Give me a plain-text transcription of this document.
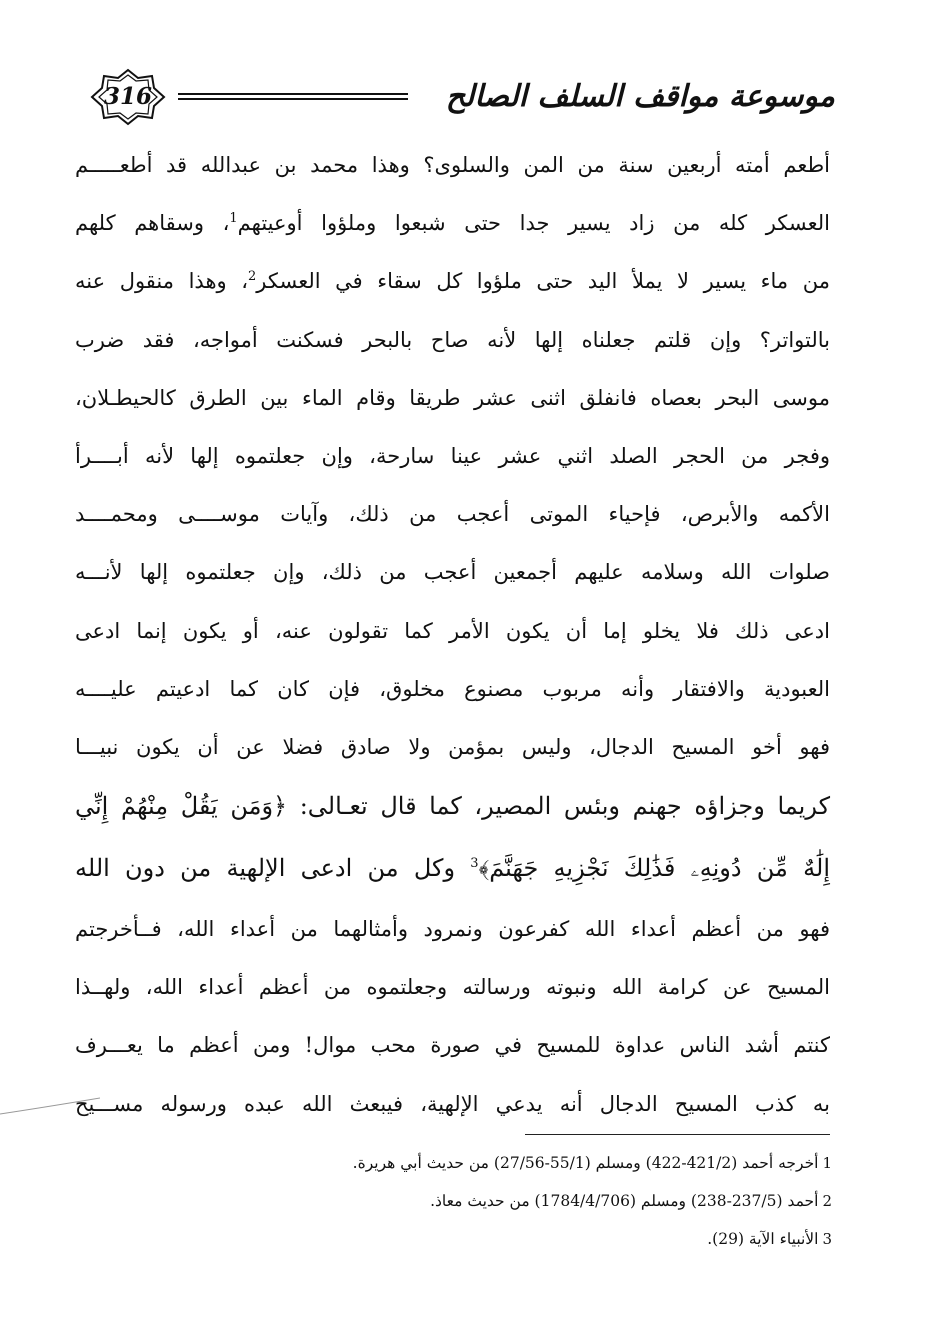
316	موسوعة مواقف السلف الصالح
أطعم أمته أربعين سنة من المن والسلوى؟ وهذا محمد بن عبدالله قد أطعـــــم
العسكر كله من زاد يسير جدا حتى شبعوا وملؤوا أوعيتهم$^1$، وسقاهم كلهم
من ماء يسير لا يملأ اليد حتى ملؤوا كل سقاء في العسكر$^2$، وهذا منقول عنه
بالتواتر؟ وإن قلتم جعلناه إلها لأنه صاح بالبحر فسكنت أمواجه، فقد ضرب
موسى البحر بعصاه فانفلق اثنى عشر طريقا وقام الماء بين الطرق كالحيطـلان،
وفجر من الحجر الصلد اثني عشر عينا سارحة، وإن جعلتموه إلها لأنه أبــــرأ
الأكمه والأبرص، فإحياء الموتى أعجب من ذلك، وآيات موســــى ومحمــــد
صلوات الله وسلامه عليهم أجمعين أعجب من ذلك، وإن جعلتموه إلها لأنـــه
ادعى ذلك فلا يخلو إما أن يكون الأمر كما تقولون عنه، أو يكون إنما ادعى
العبودية والافتقار وأنه مربوب مصنوع مخلوق، فإن كان كما ادعيتم عليــــه
فهو أخو المسيح الدجال، وليس بمؤمن ولا صادق فضلا عن أن يكون نبيـــا
كريما وجزاؤه جهنم وبئس المصير، كما قال تعـالى: ﴿وَمَن يَقُلْ مِنْهُمْ إِنِّي
إِلَٰهٌ مِّن دُونِهِۦ فَذَٰلِكَ نَجْزِيهِ جَهَنَّمَ﴾$^3$ وكل من ادعى الإلهية من دون الله
فهو من أعظم أعداء الله كفرعون ونمرود وأمثالهما من أعداء الله، فــأخرجتم
المسيح عن كرامة الله ونبوته ورسالته وجعلتموه من أعظم أعداء الله، ولهــذا
كنتم أشد الناس عداوة للمسيح في صورة محب موال! ومن أعظم ما يعـــرف
به كذب المسيح الدجال أنه يدعي الإلهية، فيبعث الله عبده ورسوله مســـيح
1أخرجه أحمد (421/2-422) ومسلم (55/1-27/56) من حديث أبي هريرة.
2أحمد (237/5-238) ومسلم (1784/4/706) من حديث معاذ.
3الأنبياء الآية (29).
